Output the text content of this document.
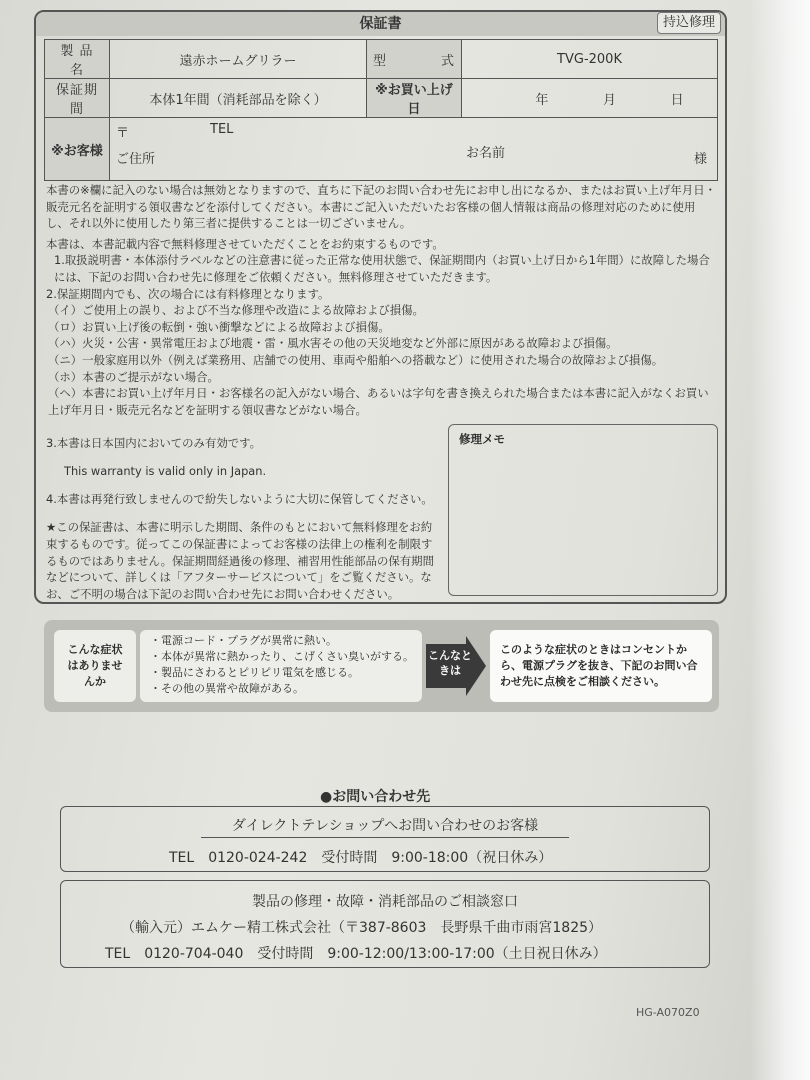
保証書	持込修理
製 品 名	遠赤ホームグリラー	型 式	TVG-200K
保証期間	本体1年間（消耗部品を除く）	※お買い上げ日	年 月 日

※お客様	〒 TEL
ご住所 お名前 様		

本書の※欄に記入のない場合は無効となりますので、直ちに下記のお問い合わせ先にお申し出になるか、またはお買い上げ年月日・販売元名を証明する領収書などを添付してください。本書にご記入いただいたお客様の個人情報は商品の修理対応のために使用し、それ以外に使用したり第三者に提供することは一切ございません。

本書は、本書記載内容で無料修理させていただくことをお約束するものです。

1.取扱説明書・本体添付ラベルなどの注意書に従った正常な使用状態で、保証期間内（お買い上げ日から1年間）に故障した場合には、下記のお問い合わせ先に修理をご依頼ください。無料修理させていただきます。

2.保証期間内でも、次の場合には有料修理となります。

（イ）ご使用上の誤り、および不当な修理や改造による故障および損傷。

（ロ）お買い上げ後の転倒・強い衝撃などによる故障および損傷。

（ハ）火災・公害・異常電圧および地震・雷・風水害その他の天災地変など外部に原因がある故障および損傷。

（ニ）一般家庭用以外（例えば業務用、店舗での使用、車両や船舶への搭載など）に使用された場合の故障および損傷。

（ホ）本書のご提示がない場合。

（ヘ）本書にお買い上げ年月日・お客様名の記入がない場合、あるいは字句を書き換えられた場合または本書に記入がなくお買い上げ年月日・販売元名などを証明する領収書などがない場合。

3.本書は日本国内においてのみ有効です。

This warranty is valid only in Japan.

4.本書は再発行致しませんので紛失しないように大切に保管してください。

★この保証書は、本書に明示した期間、条件のもとにおいて無料修理をお約束するものです。従ってこの保証書によってお客様の法律上の権利を制限するものではありません。保証期間経過後の修理、補習用性能部品の保有期間などについて、詳しくは「アフターサービスについて」をご覧ください。なお、ご不明の場合は下記のお問い合わせ先にお問い合わせください。

修理メモ
こんな症状はありませんか
・電源コード・プラグが異常に熱い。
・本体が異常に熱かったり、こげくさい臭いがする。
・製品にさわるとピリピリ電気を感じる。
・その他の異常や故障がある。
こんなときは
このような症状のときはコンセントから、電源プラグを抜き、下記のお問い合わせ先に点検をご相談ください。
●お問い合わせ先
ダイレクトテレショップへお問い合わせのお客様
TEL　0120-024-242　受付時間　9:00-18:00（祝日休み）
製品の修理・故障・消耗部品のご相談窓口
（輸入元）エムケー精工株式会社（〒387-8603　長野県千曲市雨宮1825）
TEL　0120-704-040　受付時間　9:00-12:00/13:00-17:00（土日祝日休み）
HG-A070Z0
